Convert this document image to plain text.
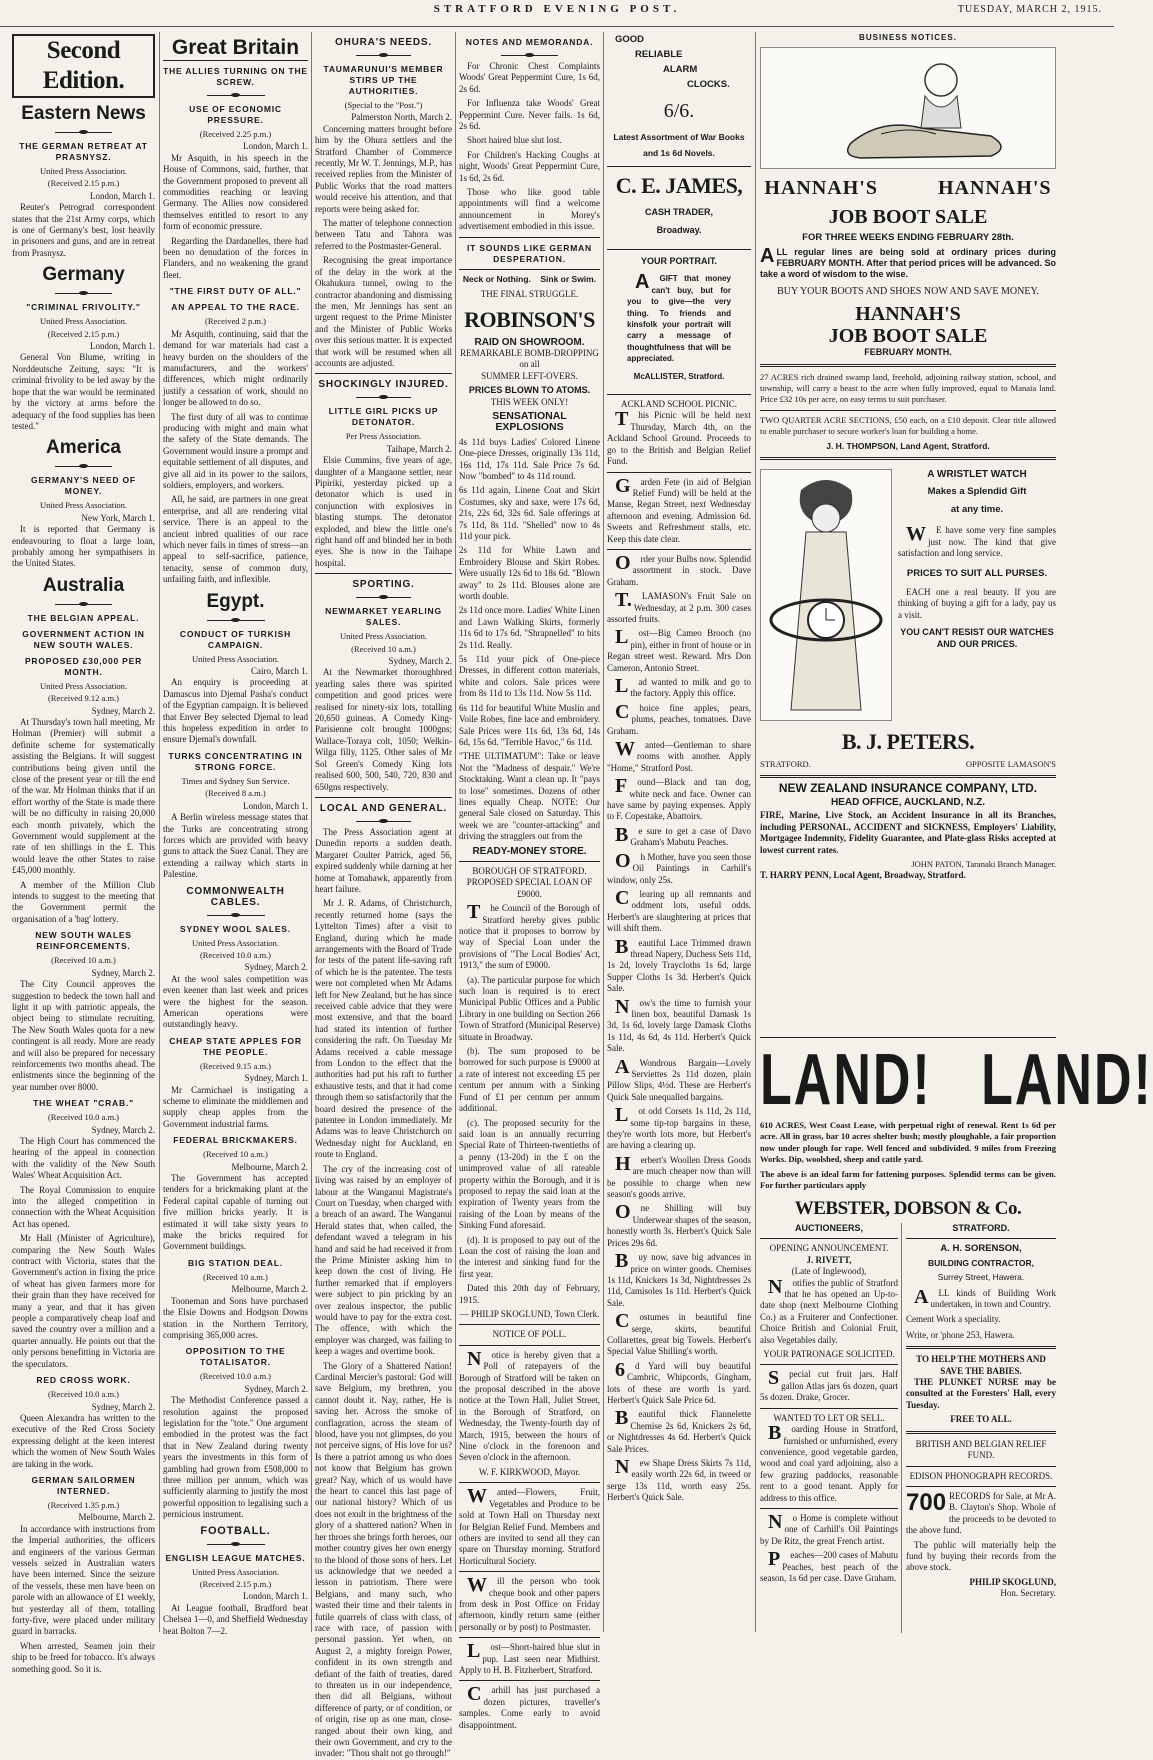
STRATFORD EVENING POST.	TUESDAY, MARCH 2, 1915.
Second Edition.
Eastern News
THE GERMAN RETREAT AT PRASNYSZ.
United Press Association.
(Received 2.15 p.m.)
London, March 1.

Reuter's Petrograd correspondent states that the 21st Army corps, which is one of Germany's best, lost heavily in prisoners and guns, and are in retreat from Prasnysz.

Germany
"CRIMINAL FRIVOLITY."
United Press Association.
(Received 2.15 p.m.)
London, March 1.

General Von Blume, writing in Norddeutsche Zeitung, says: "It is criminal frivolity to be led away by the hope that the war would be terminated by the victory at arms before the adequacy of the food supplies has been tested."

America
GERMANY'S NEED OF MONEY.
United Press Association.
New York, March 1.

It is reported that Germany is endeavouring to float a large loan, probably among her sympathisers in the United States.

Australia
THE BELGIAN APPEAL.
GOVERNMENT ACTION IN NEW SOUTH WALES.
PROPOSED £30,000 PER MONTH.
United Press Association.
(Received 9.12 a.m.)
Sydney, March 2.

At Thursday's town hall meeting, Mr Holman (Premier) will submit a definite scheme for systematically assisting the Belgians. It will suggest contributions being given until the close of the present year or till the end of the war. Mr Holman thinks that if an effort worthy of the State is made there will be no difficulty in raising 20,000 each month privately, which the Government would supplement at the rate of ten shillings in the £. This would leave the other States to raise £45,000 monthly.

A member of the Million Club intends to suggest to the meeting that the Government permit the organisation of a 'bag' lottery.

NEW SOUTH WALES REINFORCEMENTS.
(Received 10 a.m.)
Sydney, March 2.

The City Council approves the suggestion to bedeck the town hall and light it up with patriotic appeals, the object being to stimulate recruiting. The New South Wales quota for a new contingent is all ready. More are ready and will also be prepared for necessary reinforcements two months ahead. The enlistments since the beginning of the year number over 8000.

THE WHEAT "CRAB."
(Received 10.0 a.m.)
Sydney, March 2.

The High Court has commenced the hearing of the appeal in connection with the validity of the New South Wales' Wheat Acquisition Act.

The Royal Commission to enquire into the alleged competition in connection with the Wheat Acquisition Act has opened.

Mr Hall (Minister of Agriculture), comparing the New South Wales contract with Victoria, states that the Government's action in fixing the price of wheat has given farmers more for their grain than they have received for many a year, and that it has given people a comparatively cheap loaf and saved the country over a million and a quarter annually. He points out that the only persons benefitting in Victoria are the speculators.

RED CROSS WORK.
(Received 10.0 a.m.)
Sydney, March 2.

Queen Alexandra has written to the executive of the Red Cross Society expressing delight at the keen interest which the women of New South Wales are taking in the work.

GERMAN SAILORMEN INTERNED.
(Received 1.35 p.m.)
Melbourne, March 2.

In accordance with instructions from the Imperial authorities, the officers and engineers of the various German vessels seized in Australian waters have been interned. Since the seizure of the vessels, these men have been on parole with an allowance of £1 weekly, but yesterday all of them, totalling forty-five, were placed under military guard in barracks.

When arrested, Seamen join their ship to be freed for tobacco. It's always something good. So it is.

Great Britain
THE ALLIES TURNING ON THE SCREW.
USE OF ECONOMIC PRESSURE.
(Received 2.25 p.m.)
London, March 1.

Mr Asquith, in his speech in the House of Commons, said, further, that the Government proposed to prevent all commodities reaching or leaving Germany. The Allies now considered themselves entitled to resort to any form of economic pressure.

Regarding the Dardanelles, there had been no denudation of the forces in Flanders, and no weakening the grand fleet.

"THE FIRST DUTY OF ALL."
AN APPEAL TO THE RACE.
(Received 2 p.m.)

Mr Asquith, continuing, said that the demand for war materials had cast a heavy burden on the shoulders of the manufacturers, and the workers' differences, which might ordinarily justify a cessation of work, should no longer be allowed to do so.

The first duty of all was to continue producing with might and main what the safety of the State demands. The Government would insure a prompt and equitable settlement of all disputes, and give all aid in its power to the sailors, soldiers, employers, and workers.

All, he said, are partners in one great enterprise, and all are rendering vital service. There is an appeal to the ancient inbred qualities of our race which never fails in times of stress—an appeal to self-sacrifice, patience, tenacity, sense of common duty, unfailing faith, and inflexible.

Egypt.
CONDUCT OF TURKISH CAMPAIGN.
United Press Association.
Cairo, March 1.

An enquiry is proceeding at Damascus into Djemal Pasha's conduct of the Egyptian campaign. It is believed that Enver Bey selected Djemal to lead this hopeless expedition in order to ensure Djemal's downfall.

TURKS CONCENTRATING IN STRONG FORCE.
Times and Sydney Sun Service.
(Received 8 a.m.)
London, March 1.

A Berlin wireless message states that the Turks are concentrating strong forces which are provided with heavy guns to attack the Suez Canal. They are extending a railway which starts in Palestine.

COMMONWEALTH CABLES.
SYDNEY WOOL SALES.
United Press Association.
(Received 10.0 a.m.)
Sydney, March 2.

At the wool sales competition was even keener than last week and prices were the highest for the season. American operations were outstandingly heavy.

CHEAP STATE APPLES FOR THE PEOPLE.
(Received 9.15 a.m.)
Sydney, March 1.

Mr Carmichael is instigating a scheme to eliminate the middlemen and supply cheap apples from the Government industrial farms.

FEDERAL BRICKMAKERS.
(Received 10 a.m.)
Melbourne, March 2.

The Government has accepted tenders for a brickmaking plant at the Federal capital capable of turning out five million bricks yearly. It is estimated it will take sixty years to make the bricks required for Government buildings.

BIG STATION DEAL.
(Received 10 a.m.)
Melbourne, March 2.

Tooneman and Sons have purchased the Elsie Downs and Hodgson Downs station in the Northern Territory, comprising 365,000 acres.

OPPOSITION TO THE TOTALISATOR.
(Received 10.0 a.m.)
Sydney, March 2.

The Methodist Conference passed a resolution against the proposed legislation for the "tote." One argument embodied in the protest was the fact that in New Zealand during twenty years the investments in this form of gambling had grown from £508,000 to three million per annum, which was sufficiently alarming to justify the most powerful opposition to legalising such a pernicious instrument.

FOOTBALL.
ENGLISH LEAGUE MATCHES.
United Press Association.
(Received 2.15 p.m.)
London, March 1.

At League football, Bradford beat Chelsea 1—0, and Sheffield Wednesday beat Bolton 7—2.

OHURA'S NEEDS.
TAUMARUNUI'S MEMBER STIRS UP THE AUTHORITIES.
(Special to the "Post.")
Palmerston North, March 2.

Concerning matters brought before him by the Ohura settlers and the Stratford Chamber of Commerce recently, Mr W. T. Jennings, M.P., has received replies from the Minister of Public Works that the road matters would receive his attention, and that reports were being asked for.

The matter of telephone connection between Tatu and Tahora was referred to the Postmaster-General.

Recognising the great importance of the delay in the work at the Okahukura tunnel, owing to the contractor abandoning and dismissing the men, Mr Jennings has sent an urgent request to the Prime Minister and the Minister of Public Works over this serious matter. It is expected that work will be resumed when all accounts are adjusted.

SHOCKINGLY INJURED.
LITTLE GIRL PICKS UP DETONATOR.
Per Press Association.
Taihape, March 2.

Elsie Cummins, five years of age, daughter of a Mangaone settler, near Pipiriki, yesterday picked up a detonator which is used in conjunction with explosives in blasting stumps. The detonator exploded, and blew the little one's right hand off and blinded her in both eyes. She is now in the Taihape hospital.

SPORTING.
NEWMARKET YEARLING SALES.
United Press Association.
(Received 10 a.m.)
Sydney, March 2.

At the Newmarket thoroughbred yearling sales there was spirited competition and good prices were realised for ninety-six lots, totalling 20,650 guineas. A Comedy King-Parisienne colt brought 1000gns; Wallace-Toraya colt, 1050; Welkin-Wilga filly, 1125. Other sales of Mr Sol Green's Comedy King lots realised 600, 500, 540, 720, 830 and 650gns respectively.

LOCAL AND GENERAL.

The Press Association agent at Dunedin reports a sudden death. Margaret Coulter Patrick, aged 56, expired suddenly while darning at her home at Tomahawk, apparently from heart failure.

Mr J. R. Adams, of Christchurch, recently returned home (says the Lyttelton Times) after a visit to England, during which he made arrangements with the Board of Trade for tests of the patent life-saving raft of which he is the patentee. The tests were not completed when Mr Adams left for New Zealand, but he has since received cable advice that they were most extensive, and that the board had stated its intention of further considering the raft. On Tuesday Mr Adams received a cable message from London to the effect that the authorities had put his raft to further exhaustive tests, and that it had come through them so satisfactorily that the board desired the presence of the patentee in London immediately. Mr Adams was to leave Christchurch on Wednesday night for Auckland, en route to England.

The cry of the increasing cost of living was raised by an employer of labour at the Wanganui Magistrate's Court on Tuesday, when charged with a breach of an award. The Wanganui Herald states that, when called, the defendant waved a telegram in his hand and said he had received it from the Prime Minister asking him to keep down the cost of living. He further remarked that if employers were subject to pin pricking by an over zealous inspector, the public would have to pay for the extra cost. The offence, with which the employer was charged, was failing to keep a wages and overtime book.

The Glory of a Shattered Nation! Cardinal Mercier's pastoral: God will save Belgium, my brethren, you cannot doubt it. Nay, rather, He is saving her. Across the smoke of conflagration, across the steam of blood, have you not glimpses, do you not perceive signs, of His love for us? Is there a patriot among us who does not know that Belgium has grown great? Nay, which of us would have the heart to cancel this last page of our national history? Which of us does not exult in the brightness of the glory of a shattered nation? When in her throes she brings forth heroes, our mother country gives her own energy to the blood of those sons of hers. Let us acknowledge that we needed a lesson in patriotism. There were Belgians, and many such, who wasted their time and their talents in futile quarrels of class with class, of race with race, of passion with personal passion. Yet when, on August 2, a mighty foreign Power, confident in its own strength and defiant of the faith of treaties, dared to threaten us in our independence, then did all Belgians, without difference of party, or of condition, or of origin, rise up as one man, close-ranged about their own king, and their own Government, and cry to the invader: "Thou shalt not go through!"

NOTES AND MEMORANDA.

For Chronic Chest Complaints Woods' Great Peppermint Cure, 1s 6d, 2s 6d.

For Influenza take Woods' Great Peppermint Cure. Never fails. 1s 6d, 2s 6d.

Short haired blue slut lost.

For Children's Hacking Coughs at night, Woods' Great Peppermint Cure, 1s 6d, 2s 6d.

Those who like good table appointments will find a welcome announcement in Morey's advertisement embodied in this issue.

IT SOUNDS LIKE GERMAN DESPERATION.
Neck or Nothing.    Sink or Swim.
THE FINAL STRUGGLE.
ROBINSON'S
RAID ON SHOWROOM.
REMARKABLE BOMB-DROPPING on all
SUMMER LEFT-OVERS.
PRICES BLOWN TO ATOMS.
THIS WEEK ONLY!
SENSATIONAL EXPLOSIONS

4s 11d buys Ladies' Colored Linene One-piece Dresses, originally 13s 11d, 16s 11d, 17s 11d. Sale Price 7s 6d. Now "bombed" to 4s 11d round.

6s 11d again, Linene Coat and Skirt Costumes, sky and saxe, were 17s 6d, 21s, 22s 6d, 32s 6d. Sale offerings at 7s 11d, 8s 11d. "Shelled" now to 4s 11d your pick.

2s 11d for White Lawn and Embroidery Blouse and Skirt Robes. Were usually 12s 6d to 18s 6d. "Blown away" to 2s 11d. Blouses alone are worth double.

2s 11d once more. Ladies' White Linen and Lawn Walking Skirts, formerly 11s 6d to 17s 6d. "Shrapnelled" to bits 2s 11d. Really.

5s 11d your pick of One-piece Dresses, in different cotton materials, white and colors. Sale prices were from 8s 11d to 13s 11d. Now 5s 11d.

6s 11d for beautiful White Muslin and Voile Robes, fine lace and embroidery. Sale Prices were 11s 6d, 13s 6d, 14s 6d, 15s 6d. "Terrible Havoc," 6s 11d.

"THE ULTIMATUM": Take or leave Not the "Madness of despair." We're Stocktaking. Want a clean up. It "pays to lose" sometimes. Dozens of other lines equally Cheap. NOTE: Our general Sale closed on Saturday. This week we are "counter-attacking" and driving the stragglers out from the

READY-MONEY STORE.
BOROUGH OF STRATFORD.
PROPOSED SPECIAL LOAN OF £9000.

The Council of the Borough of Stratford hereby gives public notice that it proposes to borrow by way of Special Loan under the provisions of "The Local Bodies' Act, 1913," the sum of £9000.

(a). The particular purpose for which such loan is required is to erect Municipal Public Offices and a Public Library in one building on Section 266 Town of Stratford (Municipal Reserve) situate in Broadway.

(b). The sum proposed to be borrowed for such purpose is £9000 at a rate of interest not exceeding £5 per centum per annum with a Sinking Fund of £1 per centum per annum additional.

(c). The proposed security for the said loan is an annually recurring Special Rate of Thirteen-twentieths of a penny (13-20d) in the £ on the unimproved value of all rateable property within the Borough, and it is proposed to repay the said loan at the expiration of Twenty years from the raising of the Loan by means of the Sinking Fund aforesaid.

(d). It is proposed to pay out of the Loan the cost of raising the loan and the interest and sinking fund for the first year.

Dated this 20th day of February, 1915.

— PHILIP SKOGLUND, Town Clerk.
NOTICE OF POLL.

Notice is hereby given that a Poll of ratepayers of the Borough of Stratford will be taken on the proposal described in the above notice at the Town Hall, Juliet Street, in the Borough of Stratford, on Wednesday, the Twenty-fourth day of March, 1915, between the hours of Nine o'clock in the forenoon and Seven o'clock in the afternoon.

W. F. KIRKWOOD, Mayor.

Wanted—Flowers, Fruit, Vegetables and Produce to be sold at Town Hall on Thursday next for Belgian Relief Fund. Members and others are invited to send all they can spare on Thursday morning. Stratford Horticultural Society.

Will the person who took cheque book and other papers from desk in Post Office on Friday afternoon, kindly return same (either personally or by post) to Postmaster.

Lost—Short-haired blue slut in pup. Last seen near Midhirst. Apply to H. B. Fitzherbert, Stratford.

Carhill has just purchased a dozen pictures, traveller's samples. Come early to avoid disappointment.

GOOD
RELIABLE
ALARM
CLOCKS.
6/6.
Latest Assortment of War Books
and 1s 6d Novels.
C. E. JAMES,
CASH TRADER,
Broadway.
YOUR PORTRAIT.

AGIFT that money can't buy, but for you to give—the very thing. To friends and kinsfolk your portrait will carry a message of thoughtfulness that will be appreciated.

McALLISTER, Stratford.
ACKLAND SCHOOL PICNIC.

This Picnic will be held next Thursday, March 4th, on the Ackland School Ground. Proceeds to go to the British and Belgian Relief Fund.

Garden Fete (in aid of Belgian Relief Fund) will be held at the Manse, Regan Street, next Wednesday afternoon and evening. Admission 6d. Sweets and Refreshment stalls, etc. Keep this date clear.

Order your Bulbs now. Splendid assortment in stock. Dave Graham.

T.LAMASON's Fruit Sale on Wednesday, at 2 p.m. 300 cases assorted fruits.

Lost—Big Cameo Brooch (no pin), either in front of house or in Regan street west. Reward. Mrs Don Cameron, Antonio Street.

Lad wanted to milk and go to the factory. Apply this office.

Choice fine apples, pears, plums, peaches, tomatoes. Dave Graham.

Wanted—Gentleman to share rooms with another. Apply "Home," Stratford Post.

Found—Black and tan dog, white neck and face. Owner can have same by paying expenses. Apply to F. Copestake, Abattoirs.

Be sure to get a case of Davo Graham's Mabutu Peaches.

Oh Mother, have you seen those Oil Paintings in Carhill's window, only 25s.

Clearing up all remnants and oddment lots, useful odds. Herbert's are slaughtering at prices that will shift them.

Beautiful Lace Trimmed drawn thread Napery, Duchess Sets 11d, 1s 2d, lovely Traycloths 1s 6d, large Supper Cloths 1s 3d. Herbert's Quick Sale.

Now's the time to furnish your linen box, beautiful Damask 1s 3d, 1s 6d, lovely large Damask Cloths 1s 11d, 4s 6d, 4s 11d. Herbert's Quick Sale.

AWondrous Bargain—Lovely Serviettes 2s 11d dozen, plain Pillow Slips, 4½d. These are Herbert's Quick Sale unequalled bargains.

Lot odd Corsets 1s 11d, 2s 11d, some tip-top bargains in these, they're worth lots more, but Herbert's are having a clearing up.

Herbert's Woollen Dress Goods are much cheaper now than will be possible to charge when new season's goods arrive.

One Shilling will buy Underwear shapes of the season, honestly worth 3s. Herbert's Quick Sale Prices 29s 6d.

Buy now, save big advances in price on winter goods. Chemises 1s 11d, Knickers 1s 3d, Nightdresses 2s 11d, Camisoles 1s 11d. Herbert's Quick Sale.

Costumes in beautiful fine serge, skirts, beautiful Collarettes, great big Towels. Herbert's Special Value Shilling's worth.

6d Yard will buy beautiful Cambric, Whipcords, Gingham, lots of these are worth 1s yard. Herbert's Quick Sale Price 6d.

Beautiful thick Flannelette Chemise 2s 6d, Knickers 2s 6d, or Nightdresses 4s 6d. Herbert's Quick Sale Prices.

New Shape Dress Skirts 7s 11d, easily worth 22s 6d, in tweed or serge 13s 11d, worth easy 25s. Herbert's Quick Sale.

BUSINESS NOTICES.
HANNAH'S          HANNAH'S
JOB BOOT SALE
FOR THREE WEEKS ENDING FEBRUARY 28th.

ALL regular lines are being sold at ordinary prices during FEBRUARY MONTH. After that period prices will be advanced. So take a word of wisdom to the wise.

BUY YOUR BOOTS AND SHOES NOW AND SAVE MONEY.
HANNAH'S
JOB BOOT SALE
FEBRUARY MONTH.

27 ACRES rich drained swamp land, freehold, adjoining railway station, school, and township, will carry a beast to the acre when fully improved, equal to Manaia land. Price £32 10s per acre, on easy terms to suit purchaser.

TWO QUARTER ACRE SECTIONS, £50 each, on a £10 deposit. Clear title allowed to enable purchaser to secure worker's loan for building a home.

J. H. THOMPSON, Land Agent, Stratford.
A WRISTLET WATCH
Makes a Splendid Gift
at any time.

WE have some very fine samples just now. The kind that give satisfaction and long service.

PRICES TO SUIT ALL PURSES.

EACH one a real beauty. If you are thinking of buying a gift for a lady, pay us a visit.

YOU CAN'T RESIST OUR WATCHES AND OUR PRICES.
B. J. PETERS.
STRATFORD.	OPPOSITE LAMASON'S
NEW ZEALAND INSURANCE COMPANY, LTD.
HEAD OFFICE, AUCKLAND, N.Z.

FIRE, Marine, Live Stock, an Accident Insurance in all its Branches, including PERSONAL, ACCIDENT and SICKNESS, Employers' Liability, Mortgagee Indemnity, Fidelity Guarantee, and Plate-glass Risks accepted at lowest current rates.

JOHN PATON, Taranaki Branch Manager.
T. HARRY PENN, Local Agent, Broadway, Stratford.
LAND!   LAND!

610 ACRES, West Coast Lease, with perpetual right of renewal. Rent 1s 6d per acre. All in grass, bar 10 acres shelter bush; mostly ploughable, a fair proportion now under plough for rape. Well fenced and subdivided. 9 miles from Freezing Works. Dip, woolshed, sheep and cattle yard.

The above is an ideal farm for fattening purposes. Splendid terms can be given. For further particulars apply

WEBSTER, DOBSON & Co.
AUCTIONEERS,
OPENING ANNOUNCEMENT.
J. RIVETT,
(Late of Inglewood),

Notifies the public of Stratford that he has opened an Up-to-date shop (next Melbourne Clothing Co.) as a Fruiterer and Confectioner. Choice British and Colonial Fruit, also Vegetables daily.

YOUR PATRONAGE SOLICITED.

Special cut fruit jars. Half gallon Atlas jars 6s dozen, quart 5s dozen. Drake, Grocer.

WANTED TO LET OR SELL.

Boarding House in Stratford, furnished or unfurnished, every convenience, good vegetable garden, wood and coal yard adjoining, also a few grazing paddocks, reasonable rent to a good tenant. Apply for address to this office.

No Home is complete without one of Carhill's Oil Paintings by De Ritz, the great French artist.

Peaches—200 cases of Mabutu Peaches, best peach of the season, 1s 6d per case. Dave Graham.

STRATFORD.
A. H. SORENSON,
BUILDING CONTRACTOR,
Surrey Street, Hawera.

ALL kinds of Building Work undertaken, in town and Country.

Cement Work a speciality.
Write, or 'phone 253, Hawera.
TO HELP THE MOTHERS AND SAVE THE BABIES.

THE PLUNKET NURSE may be consulted at the Foresters' Hall, every Tuesday.

FREE TO ALL.
BRITISH AND BELGIAN RELIEF FUND.
EDISON PHONOGRAPH RECORDS.

700 RECORDS for Sale, at Mr A. B. Clayton's Shop. Whole of the proceeds to be devoted to the above fund.

The public will materially help the fund by buying their records from the above stock.

PHILIP SKOGLUND,
Hon. Secretary.
